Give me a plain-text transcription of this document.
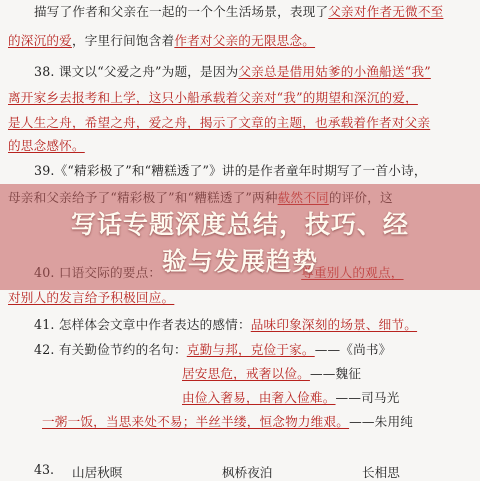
描写了作者和父亲在一起的一个个生活场景，表现了父亲对作者无微不至
的深沉的爱，字里行间饱含着作者对父亲的无限思念。
38. 课文以“父爱之舟”为题，是因为父亲总是借用姑爹的小渔船送“我”
离开家乡去报考和上学，这只小船承载着父亲对“我”的期望和深沉的爱，
是人生之舟，希望之舟，爱之舟，揭示了文章的主题，也承载着作者对父亲
的思念感怀。
39.《“精彩极了”和“糟糕透了”》讲的是作者童年时期写了一首小诗，
对别人的发言给予积极回应。
41. 怎样体会文章中作者表达的感情：品味印象深刻的场景、细节。
42. 有关勤俭节约的名句：克勤与邦，克俭于家。——《尚书》
居安思危，戒奢以俭。——魏征
由俭入奢易，由奢入俭难。——司马光
一粥一饭，当思来处不易；半丝半缕，恒念物力维艰。——朱用纯
43. 山居秋暝	枫桥夜泊	长相思
写话专题深度总结，技巧、经
验与发展趋势
